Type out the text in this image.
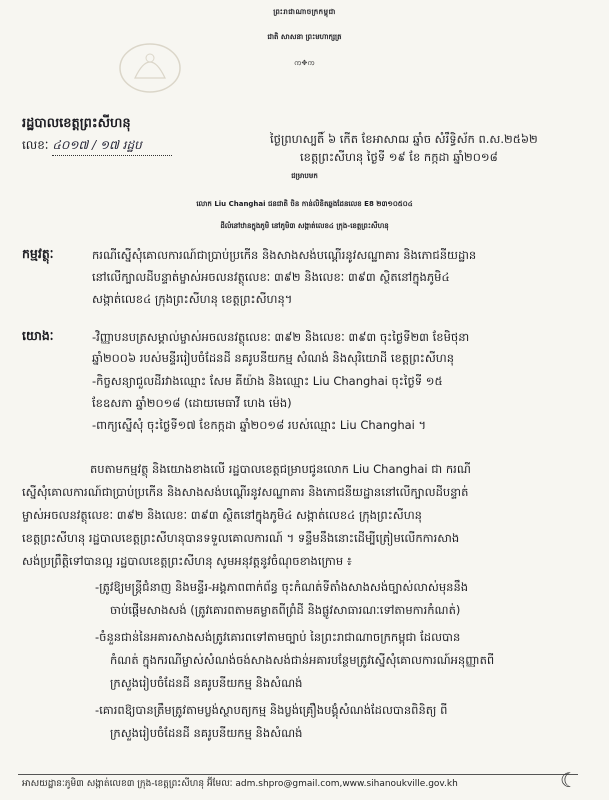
ព្រះរាជាណាចក្រកម្ពុជា
ជាតិ សាសនា ព្រះមហាក្សត្រ
ᨠ✥ᨠ
រដ្ឋបាលខេត្តព្រះសីហនុ
លេខៈ ៤០១៧ / ១៧ រដ្ឋប	ថ្ងៃព្រហស្បតិ៍ ៦ កើត ខែអាសាឍ ឆ្នាំច សំរឹទ្ធិស័ក ព.ស.២៥៦២
ខេត្តព្រះសីហនុ ថ្ងៃទី ១៩ ខែ កក្កដា ឆ្នាំ២០១៨
ជម្រាបមក
លោក Liu Changhai ជនជាតិ ចិន កាន់លិខិតឆ្លងដែនលេខ E8 ២៣១០៥០៤
ដីលំនៅឋានក្នុងភូមិ នៅភូមិ៣ សង្កាត់លេខ៤ ក្រុង-ខេត្តព្រះសីហនុ
កម្មវត្ថុៈ	ករណីស្នើសុំគោលការណ៍ជាប្រាប់ប្រកើន និងសាងសង់បណ្ដើរនូវសណ្ឋាគារ និងភោជនីយដ្ឋាន
នៅលើក្បាលដីបន្ទាត់ម្ចាស់អចលនវត្ថុលេខៈ ៣៩២ និងលេខៈ ៣៩៣ ស្ថិតនៅក្នុងភូមិ៤
សង្កាត់លេខ៤ ក្រុងព្រះសីហនុ ខេត្តព្រះសីហនុ។
យោងៈ	-វិញ្ញាបនបត្រសម្គាល់ម្ចាស់អចលនវត្ថុលេខៈ ៣៩២ និងលេខៈ ៣៩៣ ចុះថ្ងៃទី២៣ ខែមិថុនា
ឆ្នាំ២០០៦ របស់មន្ទីររៀបចំដែនដី នគរូបនីយកម្ម សំណង់ និងសុរិយោដី ខេត្តព្រះសីហនុ
-កិច្ចសន្យាជួលដីរវាងឈ្មោះ សែម គីយ៉ាង និងឈ្មោះ Liu Changhai ចុះថ្ងៃទី ១៥
ខែឧសភា ឆ្នាំ២០១៨ (ដោយមេធាវី ហេង ម៉េង)
-ពាក្យស្នើសុំ ចុះថ្ងៃទី១៧ ខែកក្កដា ឆ្នាំ២០១៨ របស់ឈ្មោះ Liu Changhai ។
តបតាមកម្មវត្ថុ និងយោងខាងលើ រដ្ឋបាលខេត្តជម្រាបជូនលោក Liu Changhai ជា ករណី
ស្នើសុំគោលការណ៍ជាប្រាប់ប្រកើន និងសាងសង់បណ្ដើរនូវសណ្ឋាគារ និងភោជនីយដ្ឋាននៅលើក្បាលដីបន្ទាត់
ម្ចាស់អចលនវត្ថុលេខៈ ៣៩២ និងលេខៈ ៣៩៣ ស្ថិតនៅក្នុងភូមិ៤ សង្កាត់លេខ៤ ក្រុងព្រះសីហនុ
ខេត្តព្រះសីហនុ រដ្ឋបាលខេត្តព្រះសីហនុបានទទួលគោលការណ៍ ។ ទន្ទឹមនឹងនោះដើម្បីត្រៀមលើកការសាង
សង់ប្រព្រឹត្តិទៅបានល្អ រដ្ឋបាលខេត្តព្រះសីហនុ សូមអនុវត្តនូវចំណុចខាងក្រោម ៖
-ត្រូវឱ្យមន្ត្រីជំនាញ និងមន្ទីរ-អង្គភាពពាក់ព័ន្ធ ចុះកំណត់ទីតាំងសាងសង់ច្បាស់លាស់មុននឹង
ចាប់ផ្ដើមសាងសង់ (ត្រូវគោរពតាមគម្លាតពីព្រំដី និងផ្លូវសាធារណៈទៅតាមការកំណត់)
-ចំនួនជាន់នៃអគារសាងសង់ត្រូវគោរពទៅតាមច្បាប់ នៃព្រះរាជាណាចក្រកម្ពុជា ដែលបាន
កំណត់ ក្នុងករណីម្ចាស់សំណង់ចង់សាងសង់ជាន់អគារបន្ថែមត្រូវស្នើសុំគោលការណ៍អនុញ្ញាតពី
ក្រសួងរៀបចំដែនដី នគរូបនីយកម្ម និងសំណង់
-គោរពឱ្យបានត្រឹមត្រូវតាមប្លង់ស្ថាបត្យកម្ម និងប្លង់គ្រឿងបង្គុំសំណង់ដែលបានពិនិត្យ ពី
ក្រសួងរៀបចំដែនដី នគរូបនីយកម្ម និងសំណង់
អាសយដ្ឋានៈភូមិ៣ សង្កាត់លេខ៣ ក្រុង-ខេត្តព្រះសីហនុ អ៊ីមែលៈ adm.shpro@gmail.com,www.sihanoukville.gov.kh	☾
